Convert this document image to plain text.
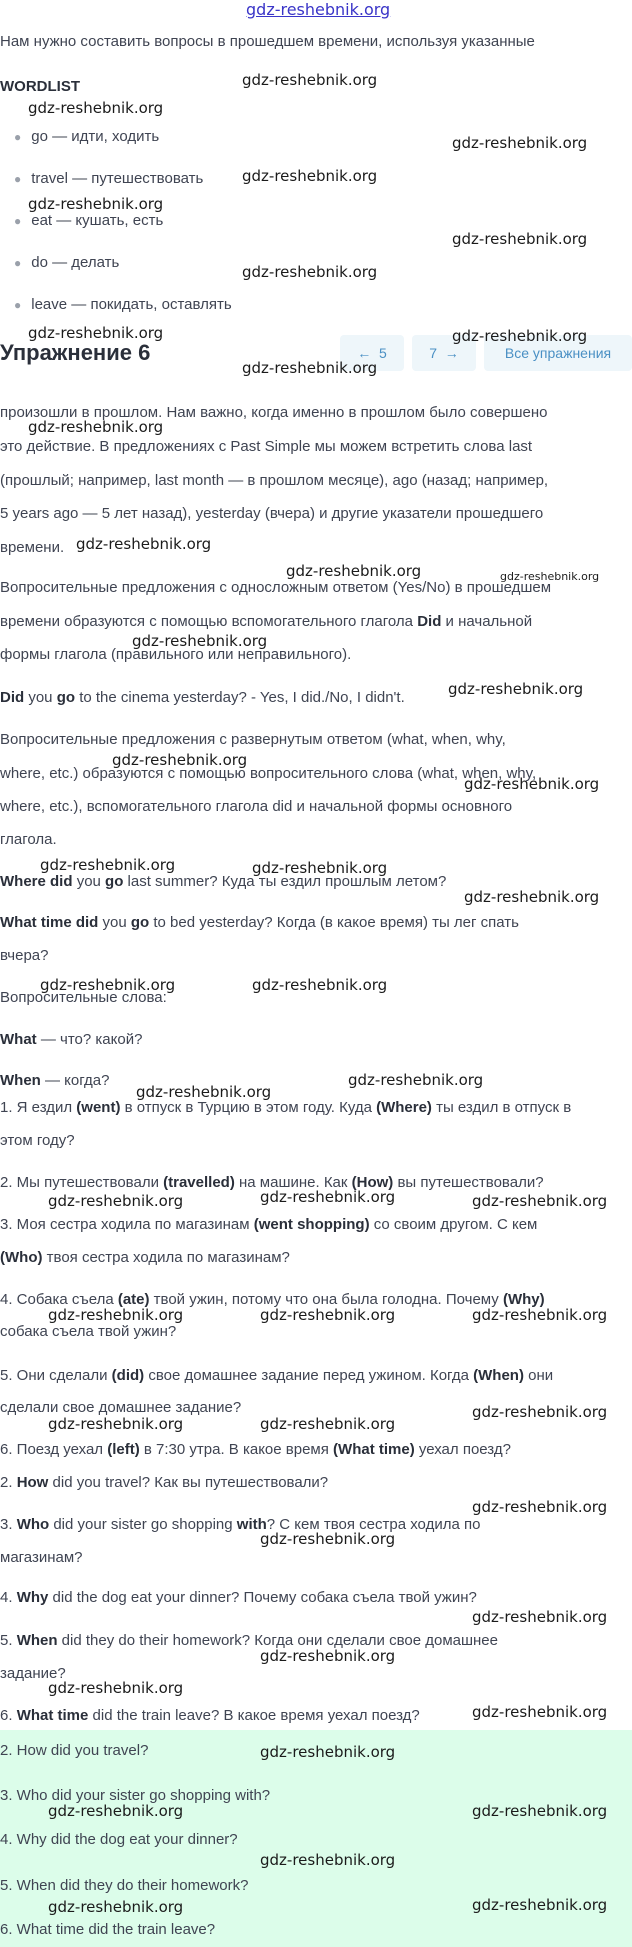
gdz-reshebnik.org
Нам нужно составить вопросы в прошедшем времени, используя указанные
WORDLIST
● go — идти, ходить
● travel — путешествовать
● eat — кушать, есть
● do — делать
● leave — покидать, оставлять
Упражнение 6	← 5	7 →	Все упражнения
произошли в прошлом. Нам важно, когда именно в прошлом было совершено
это действие. В предложениях с Past Simple мы можем встретить слова last
(прошлый; например, last month — в прошлом месяце), ago (назад; например,
5 years ago — 5 лет назад), yesterday (вчера) и другие указатели прошедшего
времени.
Вопросительные предложения с односложным ответом (Yes/No) в прошедшем
времени образуются с помощью вспомогательного глагола Did и начальной
формы глагола (правильного или неправильного).
Did you go to the cinema yesterday? - Yes, I did./No, I didn't.
Вопросительные предложения с развернутым ответом (what, when, why,
where, etc.) образуются с помощью вопросительного слова (what, when, why,
where, etc.), вспомогательного глагола did и начальной формы основного
глагола.
Where did you go last summer? Куда ты ездил прошлым летом?
What time did you go to bed yesterday? Когда (в какое время) ты лег спать
вчера?
Вопросительные слова:
What — что? какой?
When — когда?
1. Я ездил (went) в отпуск в Турцию в этом году. Куда (Where) ты ездил в отпуск в
этом году?
2. Мы путешествовали (travelled) на машине. Как (How) вы путешествовали?
3. Моя сестра ходила по магазинам (went shopping) со своим другом. С кем
(Who) твоя сестра ходила по магазинам?
4. Собака съела (ate) твой ужин, потому что она была голодна. Почему (Why)
собака съела твой ужин?
5. Они сделали (did) свое домашнее задание перед ужином. Когда (When) они
сделали свое домашнее задание?
6. Поезд уехал (left) в 7:30 утра. В какое время (What time) уехал поезд?
2. How did you travel? Как вы путешествовали?
3. Who did your sister go shopping with? С кем твоя сестра ходила по
магазинам?
4. Why did the dog eat your dinner? Почему собака съела твой ужин?
5. When did they do their homework? Когда они сделали свое домашнее
задание?
6. What time did the train leave? В какое время уехал поезд?
2. How did you travel?
3. Who did your sister go shopping with?
4. Why did the dog eat your dinner?
5. When did they do their homework?
6. What time did the train leave?
gdz-reshebnik.org
gdz-reshebnik.org
gdz-reshebnik.org
gdz-reshebnik.org
gdz-reshebnik.org
gdz-reshebnik.org
gdz-reshebnik.org
gdz-reshebnik.org	gdz-reshebnik.org
gdz-reshebnik.org
gdz-reshebnik.org
gdz-reshebnik.org
gdz-reshebnik.org	gdz-reshebnik.org
gdz-reshebnik.org
gdz-reshebnik.org
gdz-reshebnik.org
gdz-reshebnik.org
gdz-reshebnik.org	gdz-reshebnik.org
gdz-reshebnik.org
gdz-reshebnik.org	gdz-reshebnik.org
gdz-reshebnik.org
gdz-reshebnik.org
gdz-reshebnik.org	gdz-reshebnik.org	gdz-reshebnik.org
gdz-reshebnik.org	gdz-reshebnik.org	gdz-reshebnik.org
gdz-reshebnik.org	gdz-reshebnik.org
gdz-reshebnik.org
gdz-reshebnik.org
gdz-reshebnik.org
gdz-reshebnik.org
gdz-reshebnik.org
gdz-reshebnik.org
gdz-reshebnik.org
gdz-reshebnik.org
gdz-reshebnik.org	gdz-reshebnik.org
gdz-reshebnik.org
gdz-reshebnik.org	gdz-reshebnik.org
